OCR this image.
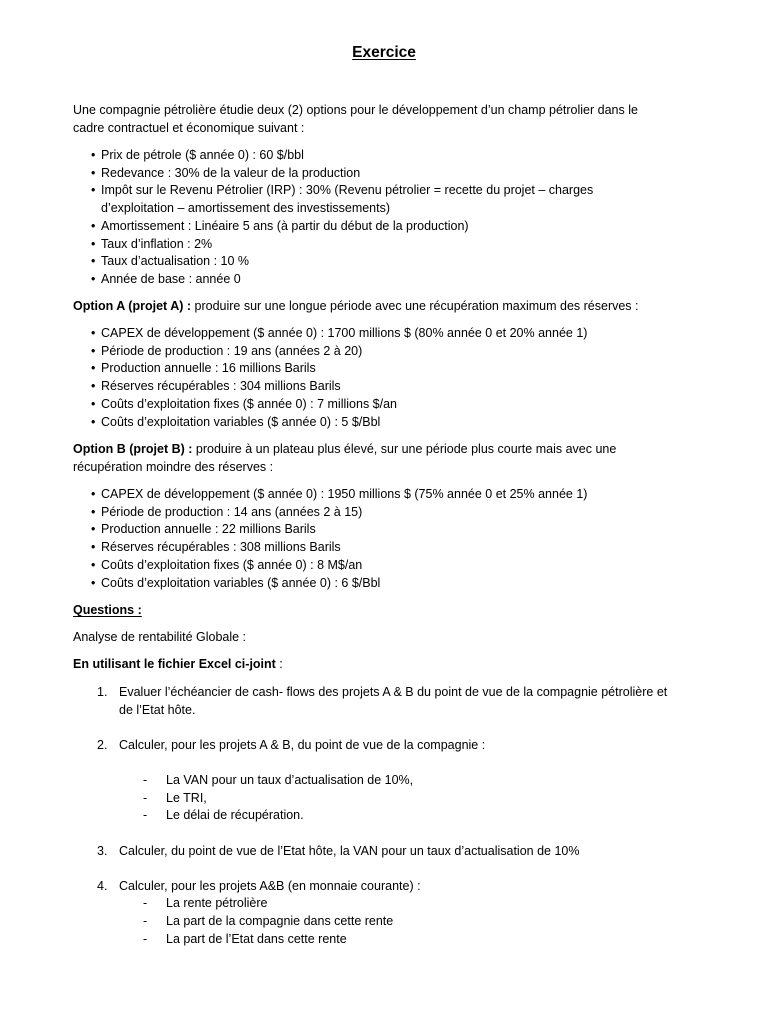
Exercice
Une compagnie pétrolière étudie deux (2) options pour le développement d’un champ pétrolier dans le
cadre contractuel et économique suivant :
• Prix de pétrole ($ année 0) : 60 $/bbl
• Redevance : 30% de la valeur de la production
• Impôt sur le Revenu Pétrolier (IRP) : 30% (Revenu pétrolier = recette du projet – charges
d’exploitation – amortissement des investissements)
• Amortissement : Linéaire 5 ans (à partir du début de la production)
• Taux d’inflation : 2%
• Taux d’actualisation : 10 %
• Année de base : année 0

Option A (projet A) : produire sur une longue période avec une récupération maximum des réserves :

• CAPEX de développement ($ année 0) : 1700 millions $ (80% année 0 et 20% année 1)
• Période de production : 19 ans (années 2 à 20)
• Production annuelle : 16 millions Barils
• Réserves récupérables : 304 millions Barils
• Coûts d’exploitation fixes ($ année 0) : 7 millions $/an
• Coûts d’exploitation variables ($ année 0) : 5 $/Bbl

Option B (projet B) : produire à un plateau plus élevé, sur une période plus courte mais avec une
récupération moindre des réserves :

• CAPEX de développement ($ année 0) : 1950 millions $ (75% année 0 et 25% année 1)
• Période de production : 14 ans (années 2 à 15)
• Production annuelle : 22 millions Barils
• Réserves récupérables : 308 millions Barils
• Coûts d’exploitation fixes ($ année 0) : 8 M$/an
• Coûts d’exploitation variables ($ année 0) : 6 $/Bbl

Questions :

Analyse de rentabilité Globale :

En utilisant le fichier Excel ci-joint :

1. Evaluer l’échéancier de cash- flows des projets A & B du point de vue de la compagnie pétrolière et
de l’Etat hôte.
2. Calculer, pour les projets A & B, du point de vue de la compagnie :
- La VAN pour un taux d’actualisation de 10%,
- Le TRI,
- Le délai de récupération.
3. Calculer, du point de vue de l’Etat hôte, la VAN pour un taux d’actualisation de 10%
4. Calculer, pour les projets A&B (en monnaie courante) :
- La rente pétrolière
- La part de la compagnie dans cette rente
- La part de l’Etat dans cette rente
